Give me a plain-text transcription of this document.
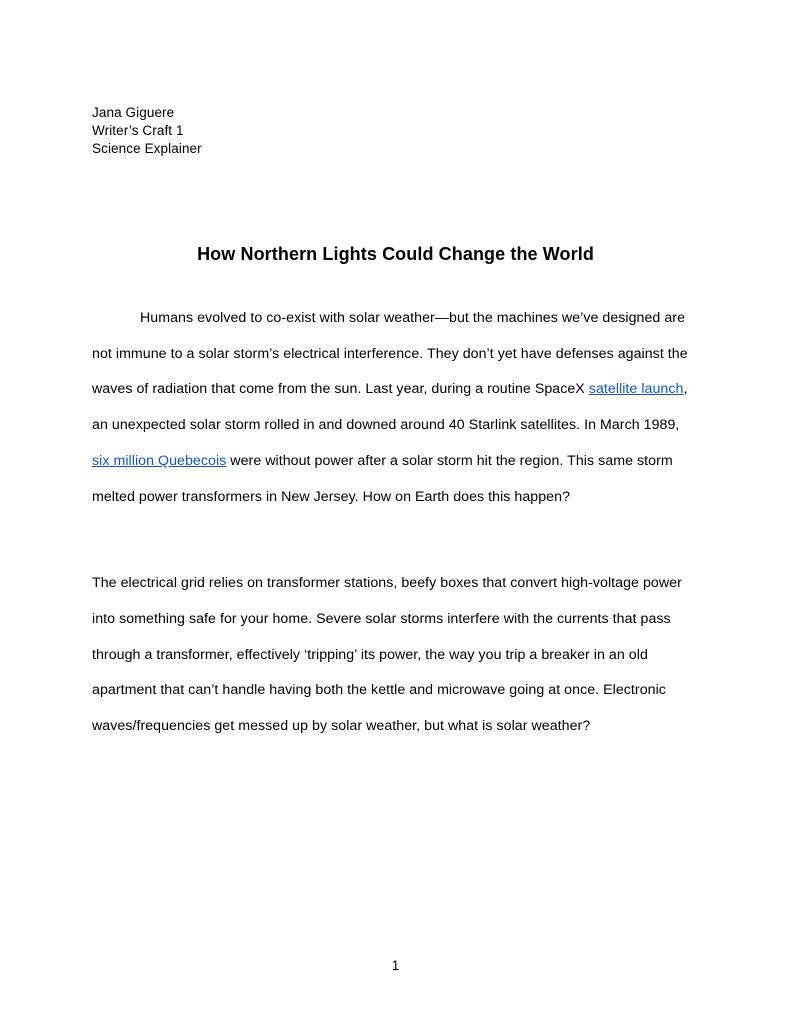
Jana Giguere
Writer’s Craft 1
Science Explainer
How Northern Lights Could Change the World

Humans evolved to co-exist with solar weather—but the machines we’ve designed are not immune to a solar storm’s electrical interference. They don’t yet have defenses against the waves of radiation that come from the sun. Last year, during a routine SpaceX satellite launch, an unexpected solar storm rolled in and downed around 40 Starlink satellites. In March 1989, six million Quebecois were without power after a solar storm hit the region. This same storm melted power transformers in New Jersey. How on Earth does this happen?

The electrical grid relies on transformer stations, beefy boxes that convert high-voltage power into something safe for your home. Severe solar storms interfere with the currents that pass through a transformer, effectively ‘tripping’ its power, the way you trip a breaker in an old apartment that can’t handle having both the kettle and microwave going at once. Electronic waves/frequencies get messed up by solar weather, but what is solar weather?

1
